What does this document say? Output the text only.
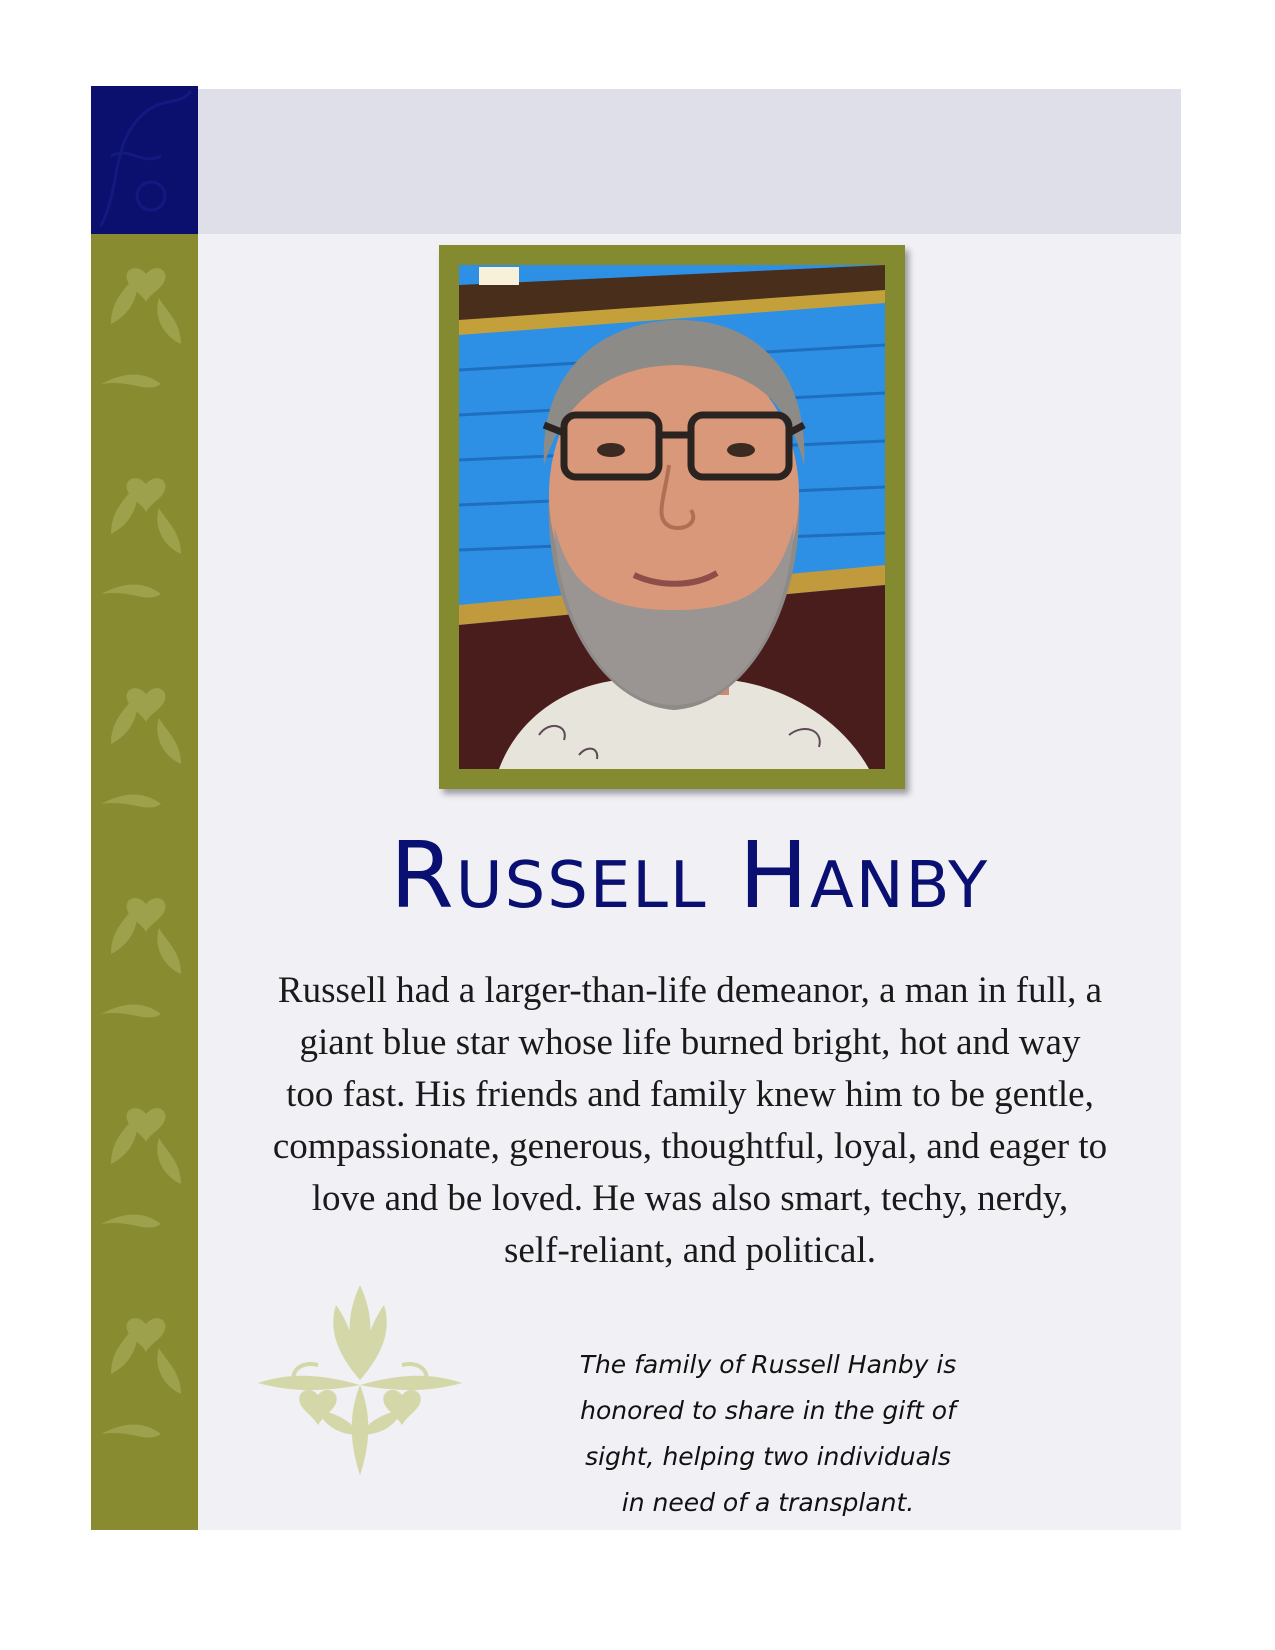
Russell Hanby
Russell had a larger-than-life demeanor, a man in full, a
giant blue star whose life burned bright, hot and way
too fast. His friends and family knew him to be gentle,
compassionate, generous, thoughtful, loyal, and eager to
love and be loved. He was also smart, techy, nerdy,
self-reliant, and political.
The family of Russell Hanby is
honored to share in the gift of
sight, helping two individuals
in need of a transplant.
